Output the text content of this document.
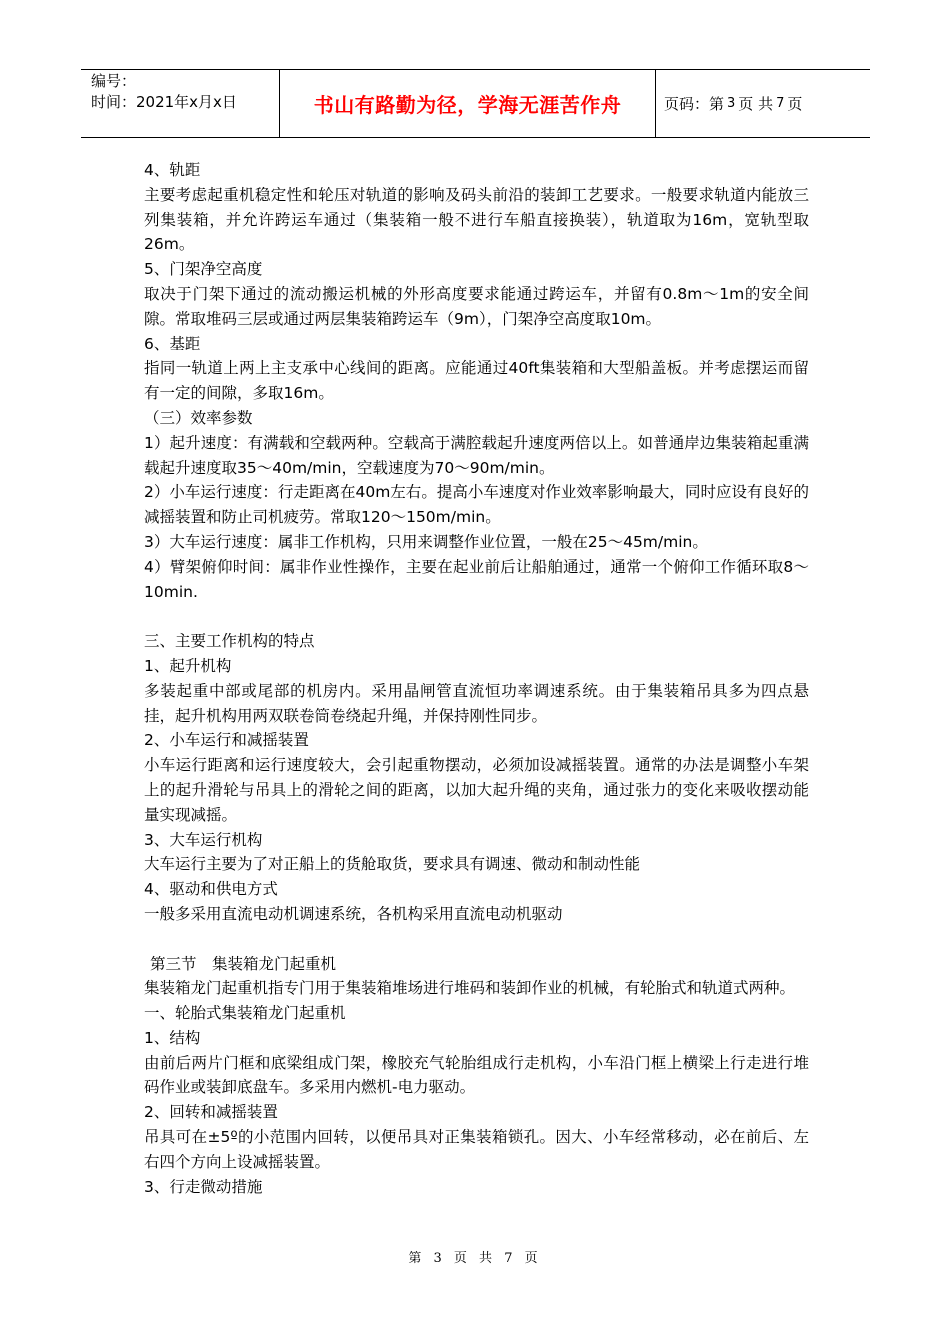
编号：
时间：2021年x月x日	书山有路勤为径，学海无涯苦作舟	页码：第 3 页 共 7 页

4、轨距

主要考虑起重机稳定性和轮压对轨道的影响及码头前沿的装卸工艺要求。一般要求轨道内能放三列集装箱，并允许跨运车通过（集装箱一般不进行车船直接换装），轨道取为16m，宽轨型取26m。

5、门架净空高度

取决于门架下通过的流动搬运机械的外形高度要求能通过跨运车，并留有0.8m～1m的安全间隙。常取堆码三层或通过两层集装箱跨运车（9m），门架净空高度取10m。

6、基距

指同一轨道上两上主支承中心线间的距离。应能通过40ft集装箱和大型船盖板。并考虑摆运而留有一定的间隙，多取16m。

（三）效率参数

1）起升速度：有满载和空载两种。空载高于满腔载起升速度两倍以上。如普通岸边集装箱起重满载起升速度取35～40m/min，空载速度为70～90m/min。

2）小车运行速度：行走距离在40m左右。提高小车速度对作业效率影响最大，同时应设有良好的减摇装置和防止司机疲劳。常取120～150m/min。

3）大车运行速度：属非工作机构，只用来调整作业位置，一般在25～45m/min。

4）臂架俯仰时间：属非作业性操作，主要在起业前后让船舶通过，通常一个俯仰工作循环取8～10min.

三、主要工作机构的特点

1、起升机构

多装起重中部或尾部的机房内。采用晶闸管直流恒功率调速系统。由于集装箱吊具多为四点悬挂，起升机构用两双联卷筒卷绕起升绳，并保持刚性同步。

2、小车运行和减摇装置

小车运行距离和运行速度较大，会引起重物摆动，必须加设减摇装置。通常的办法是调整小车架上的起升滑轮与吊具上的滑轮之间的距离，以加大起升绳的夹角，通过张力的变化来吸收摆动能量实现减摇。

3、大车运行机构

大车运行主要为了对正船上的货舱取货，要求具有调速、微动和制动性能

4、驱动和供电方式

一般多采用直流电动机调速系统，各机构采用直流电动机驱动

第三节　集装箱龙门起重机

集装箱龙门起重机指专门用于集装箱堆场进行堆码和装卸作业的机械，有轮胎式和轨道式两种。

一、轮胎式集装箱龙门起重机

1、结构

由前后两片门框和底梁组成门架，橡胶充气轮胎组成行走机构，小车沿门框上横梁上行走进行堆码作业或装卸底盘车。多采用内燃机-电力驱动。

2、回转和减摇装置

吊具可在±5º的小范围内回转，以便吊具对正集装箱锁孔。因大、小车经常移动，必在前后、左右四个方向上设减摇装置。

3、行走微动措施

第 3 页 共 7 页
